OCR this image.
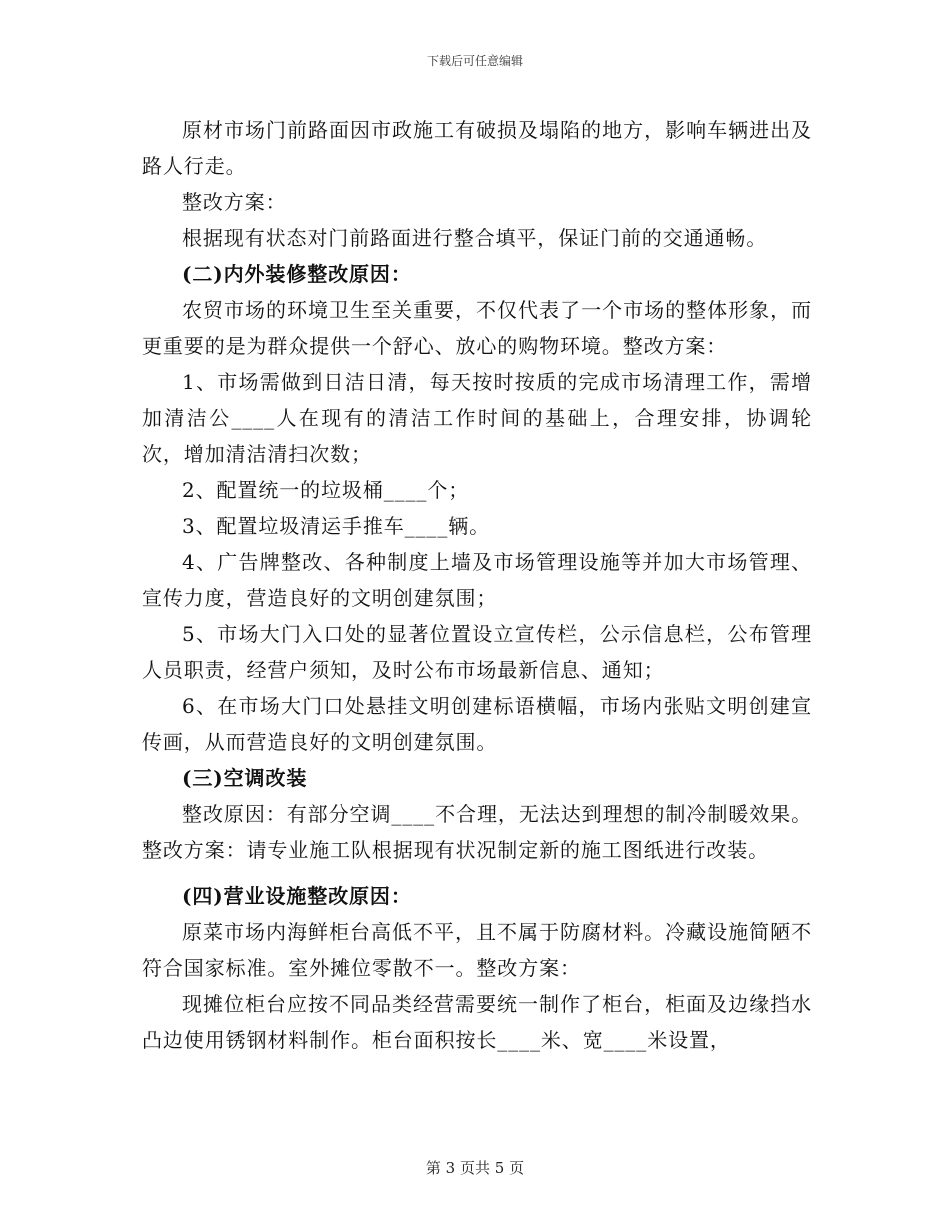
下载后可任意编辑

原材市场门前路面因市政施工有破损及塌陷的地方，影响车辆进出及路人行走。

整改方案：

根据现有状态对门前路面进行整合填平，保证门前的交通通畅。

(二)内外装修整改原因：

农贸市场的环境卫生至关重要，不仅代表了一个市场的整体形象，而更重要的是为群众提供一个舒心、放心的购物环境。整改方案：

1、市场需做到日洁日清，每天按时按质的完成市场清理工作，需增加清洁公____人在现有的清洁工作时间的基础上，合理安排，协调轮次，增加清洁清扫次数；

2、配置统一的垃圾桶____个；

3、配置垃圾清运手推车____辆。

4、广告牌整改、各种制度上墙及市场管理设施等并加大市场管理、宣传力度，营造良好的文明创建氛围；

5、市场大门入口处的显著位置设立宣传栏，公示信息栏，公布管理人员职责，经营户须知，及时公布市场最新信息、通知；

6、在市场大门口处悬挂文明创建标语横幅，市场内张贴文明创建宣传画，从而营造良好的文明创建氛围。

(三)空调改装

整改原因：有部分空调____不合理，无法达到理想的制冷制暖效果。整改方案：请专业施工队根据现有状况制定新的施工图纸进行改装。

(四)营业设施整改原因：

原菜市场内海鲜柜台高低不平，且不属于防腐材料。冷藏设施简陋不符合国家标准。室外摊位零散不一。整改方案：

现摊位柜台应按不同品类经营需要统一制作了柜台，柜面及边缘挡水凸边使用锈钢材料制作。柜台面积按长____米、宽____米设置，

第 3 页共 5 页
